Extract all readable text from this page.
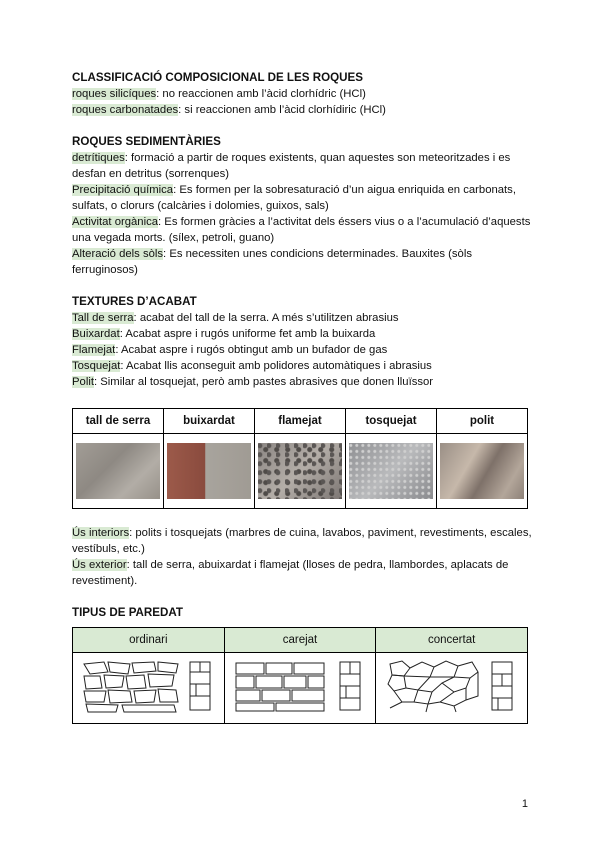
CLASSIFICACIÓ COMPOSICIONAL DE LES ROQUES

roques silicíques: no reaccionen amb l’àcid clorhídric (HCl)

roques carbonatades: si reaccionen amb l’àcid clorhídiric (HCl)

ROQUES SEDIMENTÀRIES

detrítiques: formació a partir de roques existents, quan aquestes son meteoritzades i es desfan en detritus (sorrenques)

Precipitació química: Es formen per la sobresaturació d’un aigua enriquida en carbonats, sulfats, o clorurs (calcàries i dolomies, guixos, sals)

Activitat orgànica: Es formen gràcies a l’activitat dels éssers vius o a l’acumulació d’aquests una vegada morts. (sílex, petroli, guano)

Alteració dels sòls: Es necessiten unes condicions determinades. Bauxites (sòls ferruginosos)

TEXTURES D’ACABAT

Tall de serra: acabat del tall de la serra. A més s’utilitzen abrasius

Buixardat: Acabat aspre i rugós uniforme fet amb la buixarda

Flamejat: Acabat aspre i rugós obtingut amb un bufador de gas

Tosquejat: Acabat llis aconseguit amb polidores automàtiques i abrasius

Polit: Similar al tosquejat, però amb pastes abrasives que donen lluïssor

tall de serra	buixardat	flamejat	tosquejat	polit

Ús interiors: polits i tosquejats (marbres de cuina, lavabos, paviment, revestiments, escales, vestíbuls, etc.)

Ús exterior: tall de serra, abuixardat i flamejat (lloses de pedra, llambordes, aplacats de revestiment).

TIPUS DE PAREDAT
ordinari	carejat	concertat

1
